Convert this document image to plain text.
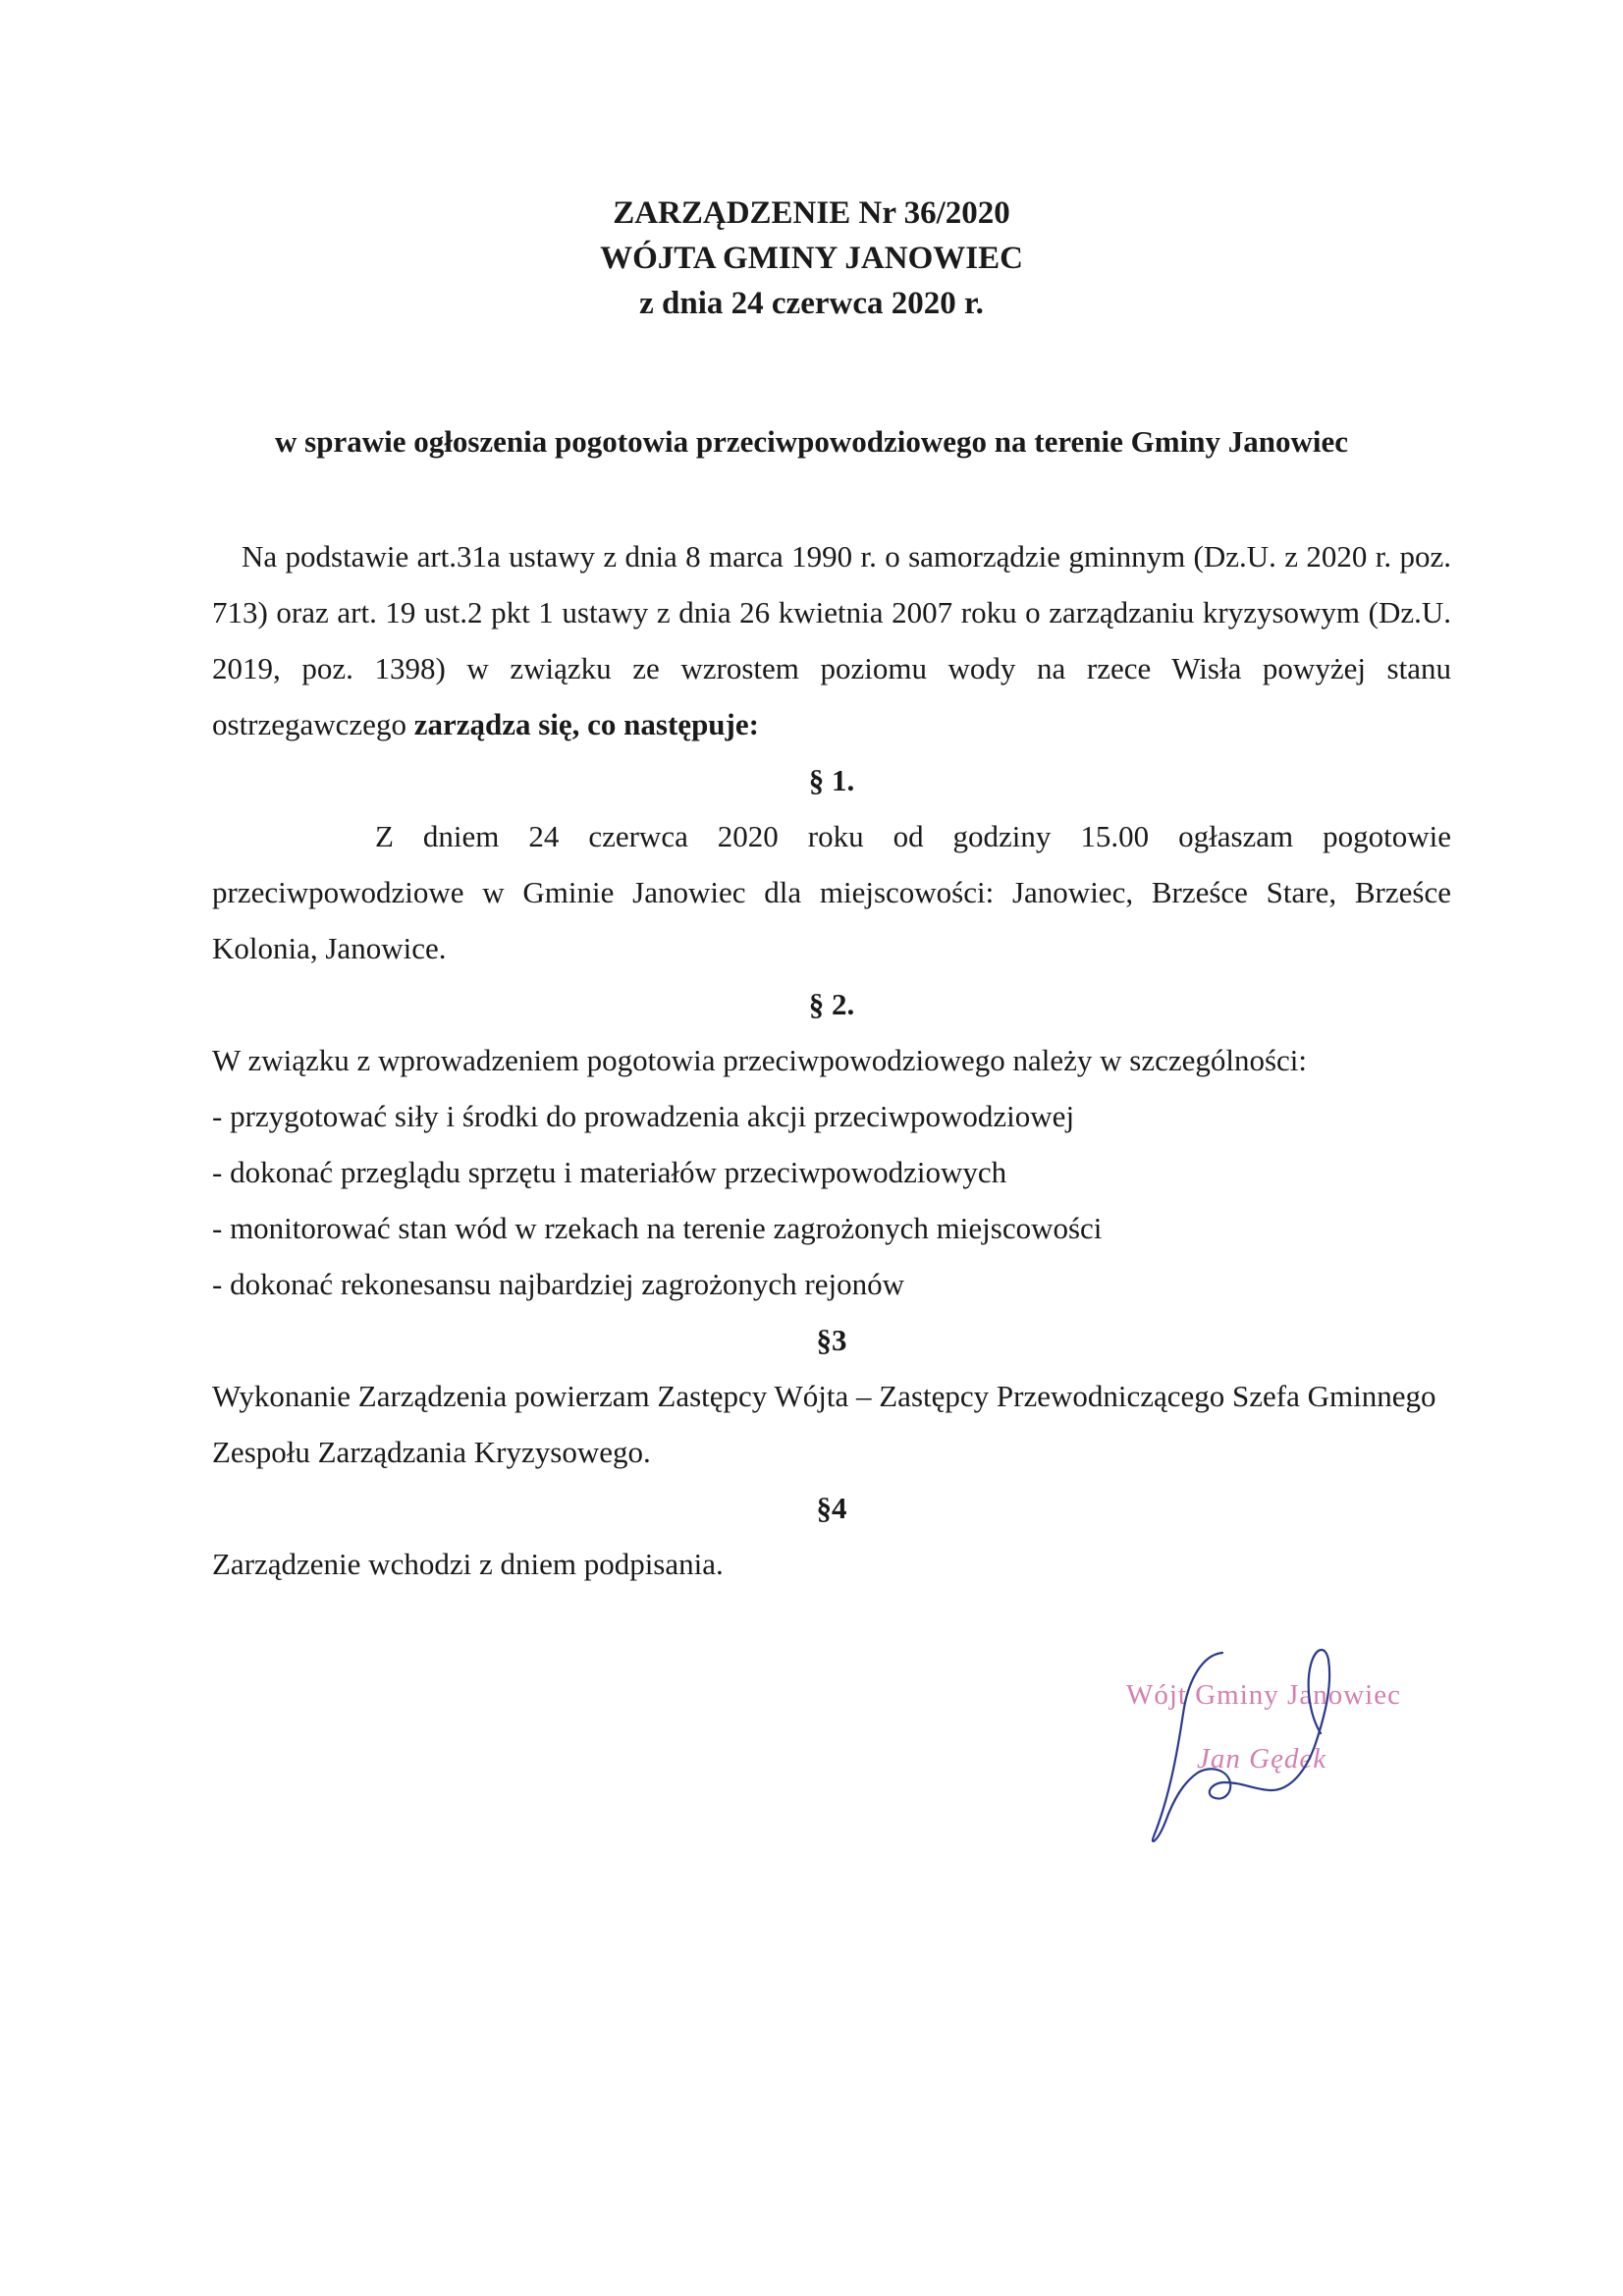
ZARZĄDZENIE Nr 36/2020
WÓJTA GMINY JANOWIEC
z dnia 24 czerwca 2020 r.
w sprawie ogłoszenia pogotowia przeciwpowodziowego na terenie Gminy Janowiec

Na podstawie art.31a ustawy z dnia 8 marca 1990 r. o samorządzie gminnym (Dz.U. z 2020 r. poz. 713) oraz art. 19 ust.2 pkt 1 ustawy z dnia 26 kwietnia 2007 roku o zarządzaniu kryzysowym (Dz.U. 2019, poz. 1398) w związku ze wzrostem poziomu wody na rzece Wisła powyżej stanu ostrzegawczego zarządza się, co następuje:

§ 1.

Z dniem 24 czerwca 2020 roku od godziny 15.00 ogłaszam pogotowie przeciwpowodziowe w Gminie Janowiec dla miejscowości: Janowiec, Brześce Stare, Brześce Kolonia, Janowice.

§ 2.

W związku z wprowadzeniem pogotowia przeciwpowodziowego należy w szczególności:

- przygotować siły i środki do prowadzenia akcji przeciwpowodziowej

- dokonać przeglądu sprzętu i materiałów przeciwpowodziowych

- monitorować stan wód w rzekach na terenie zagrożonych miejscowości

- dokonać rekonesansu najbardziej zagrożonych rejonów

§3

Wykonanie Zarządzenia powierzam Zastępcy Wójta – Zastępcy Przewodniczącego Szefa Gminnego Zespołu Zarządzania Kryzysowego.

§4

Zarządzenie wchodzi z dniem podpisania.

Wójt Gminy Janowiec
Jan Gędek
